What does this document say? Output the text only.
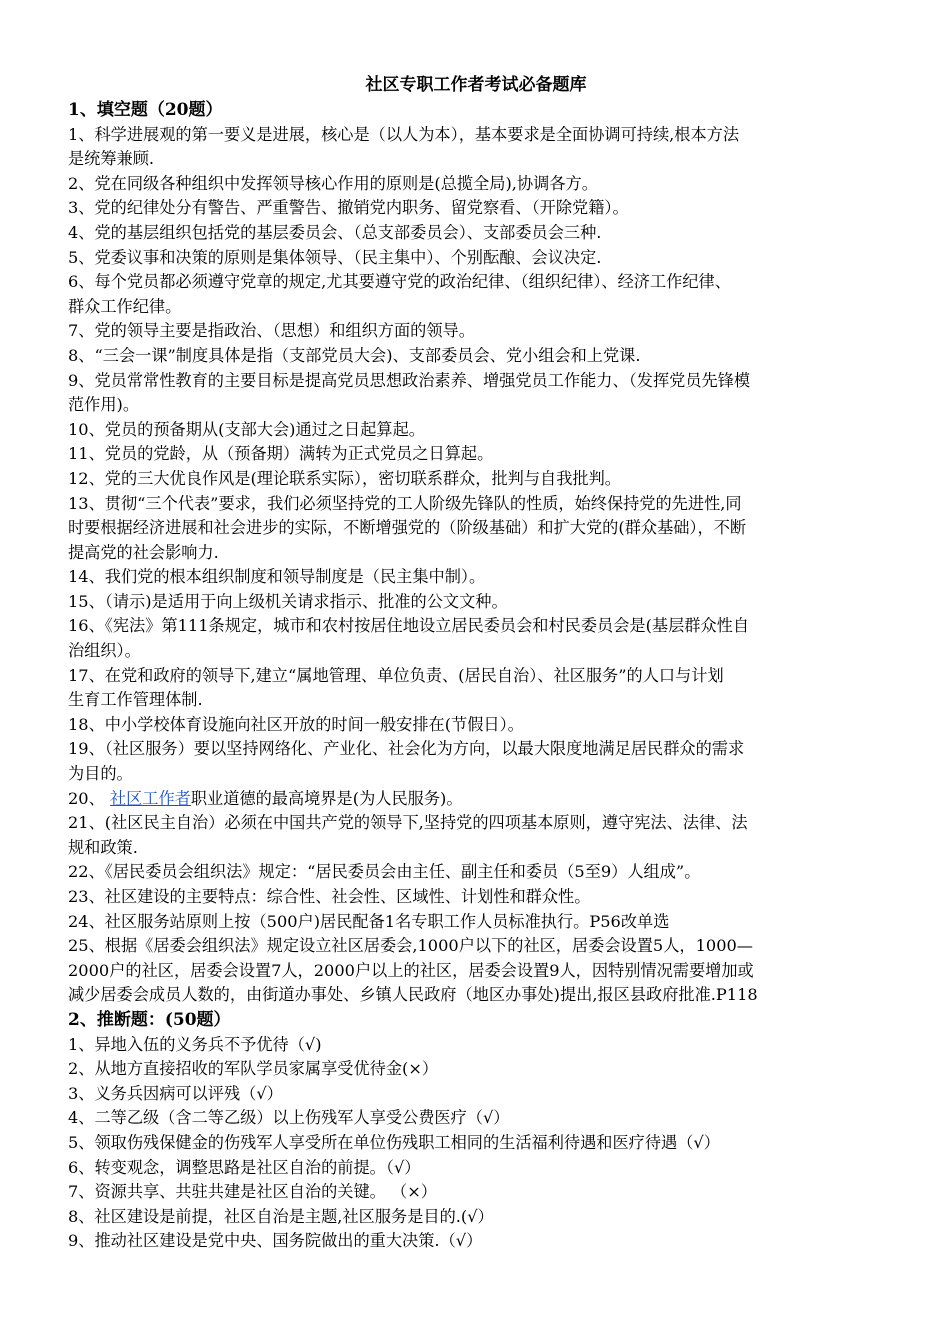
社区专职工作者考试必备题库

1、填空题（20题）

1、科学进展观的第一要义是进展，核心是（以人为本），基本要求是全面协调可持续,根本方法

是统筹兼顾.

2、党在同级各种组织中发挥领导核心作用的原则是(总揽全局),协调各方。

3、党的纪律处分有警告、严重警告、撤销党内职务、留党察看、（开除党籍）。

4、党的基层组织包括党的基层委员会、（总支部委员会）、支部委员会三种.

5、党委议事和决策的原则是集体领导、（民主集中）、个别酝酿、会议决定.

6、每个党员都必须遵守党章的规定,尤其要遵守党的政治纪律、（组织纪律）、经济工作纪律、

群众工作纪律。

7、党的领导主要是指政治、（思想）和组织方面的领导。

8、“三会一课”制度具体是指（支部党员大会)、支部委员会、党小组会和上党课.

9、党员常常性教育的主要目标是提高党员思想政治素养、增强党员工作能力、（发挥党员先锋模

范作用)。

10、党员的预备期从(支部大会)通过之日起算起。

11、党员的党龄，从（预备期）满转为正式党员之日算起。

12、党的三大优良作风是(理论联系实际），密切联系群众，批判与自我批判。

13、贯彻“三个代表”要求，我们必须坚持党的工人阶级先锋队的性质，始终保持党的先进性,同

时要根据经济进展和社会进步的实际，不断增强党的（阶级基础）和扩大党的(群众基础），不断

提高党的社会影响力.

14、我们党的根本组织制度和领导制度是（民主集中制）。

15、（请示)是适用于向上级机关请求指示、批准的公文文种。

16、《宪法》第111条规定，城市和农村按居住地设立居民委员会和村民委员会是(基层群众性自

治组织）。

17、在党和政府的领导下,建立“属地管理、单位负责、(居民自治）、社区服务”的人口与计划

生育工作管理体制.

18、中小学校体育设施向社区开放的时间一般安排在(节假日）。

19、（社区服务）要以坚持网络化、产业化、社会化为方向，以最大限度地满足居民群众的需求

为目的。

20、 社区工作者职业道德的最高境界是(为人民服务)。

21、(社区民主自治）必须在中国共产党的领导下,坚持党的四项基本原则，遵守宪法、法律、法

规和政策.

22、《居民委员会组织法》规定：“居民委员会由主任、副主任和委员（5至9）人组成”。

23、社区建设的主要特点：综合性、社会性、区域性、计划性和群众性。

24、社区服务站原则上按（500户)居民配备1名专职工作人员标准执行。P56改单选

25、根据《居委会组织法》规定设立社区居委会,1000户以下的社区，居委会设置5人，1000—

2000户的社区，居委会设置7人，2000户以上的社区，居委会设置9人，因特别情况需要增加或

减少居委会成员人数的，由街道办事处、乡镇人民政府（地区办事处)提出,报区县政府批准.P118

2、推断题：(50题）

1、异地入伍的义务兵不予优待（√)

2、从地方直接招收的军队学员家属享受优待金(×）

3、义务兵因病可以评残（√）

4、二等乙级（含二等乙级）以上伤残军人享受公费医疗（√）

5、领取伤残保健金的伤残军人享受所在单位伤残职工相同的生活福利待遇和医疗待遇（√）

6、转变观念，调整思路是社区自治的前提。（√）

7、资源共享、共驻共建是社区自治的关键。 （×）

8、社区建设是前提，社区自治是主题,社区服务是目的.(√）

9、推动社区建设是党中央、国务院做出的重大决策.（√）
